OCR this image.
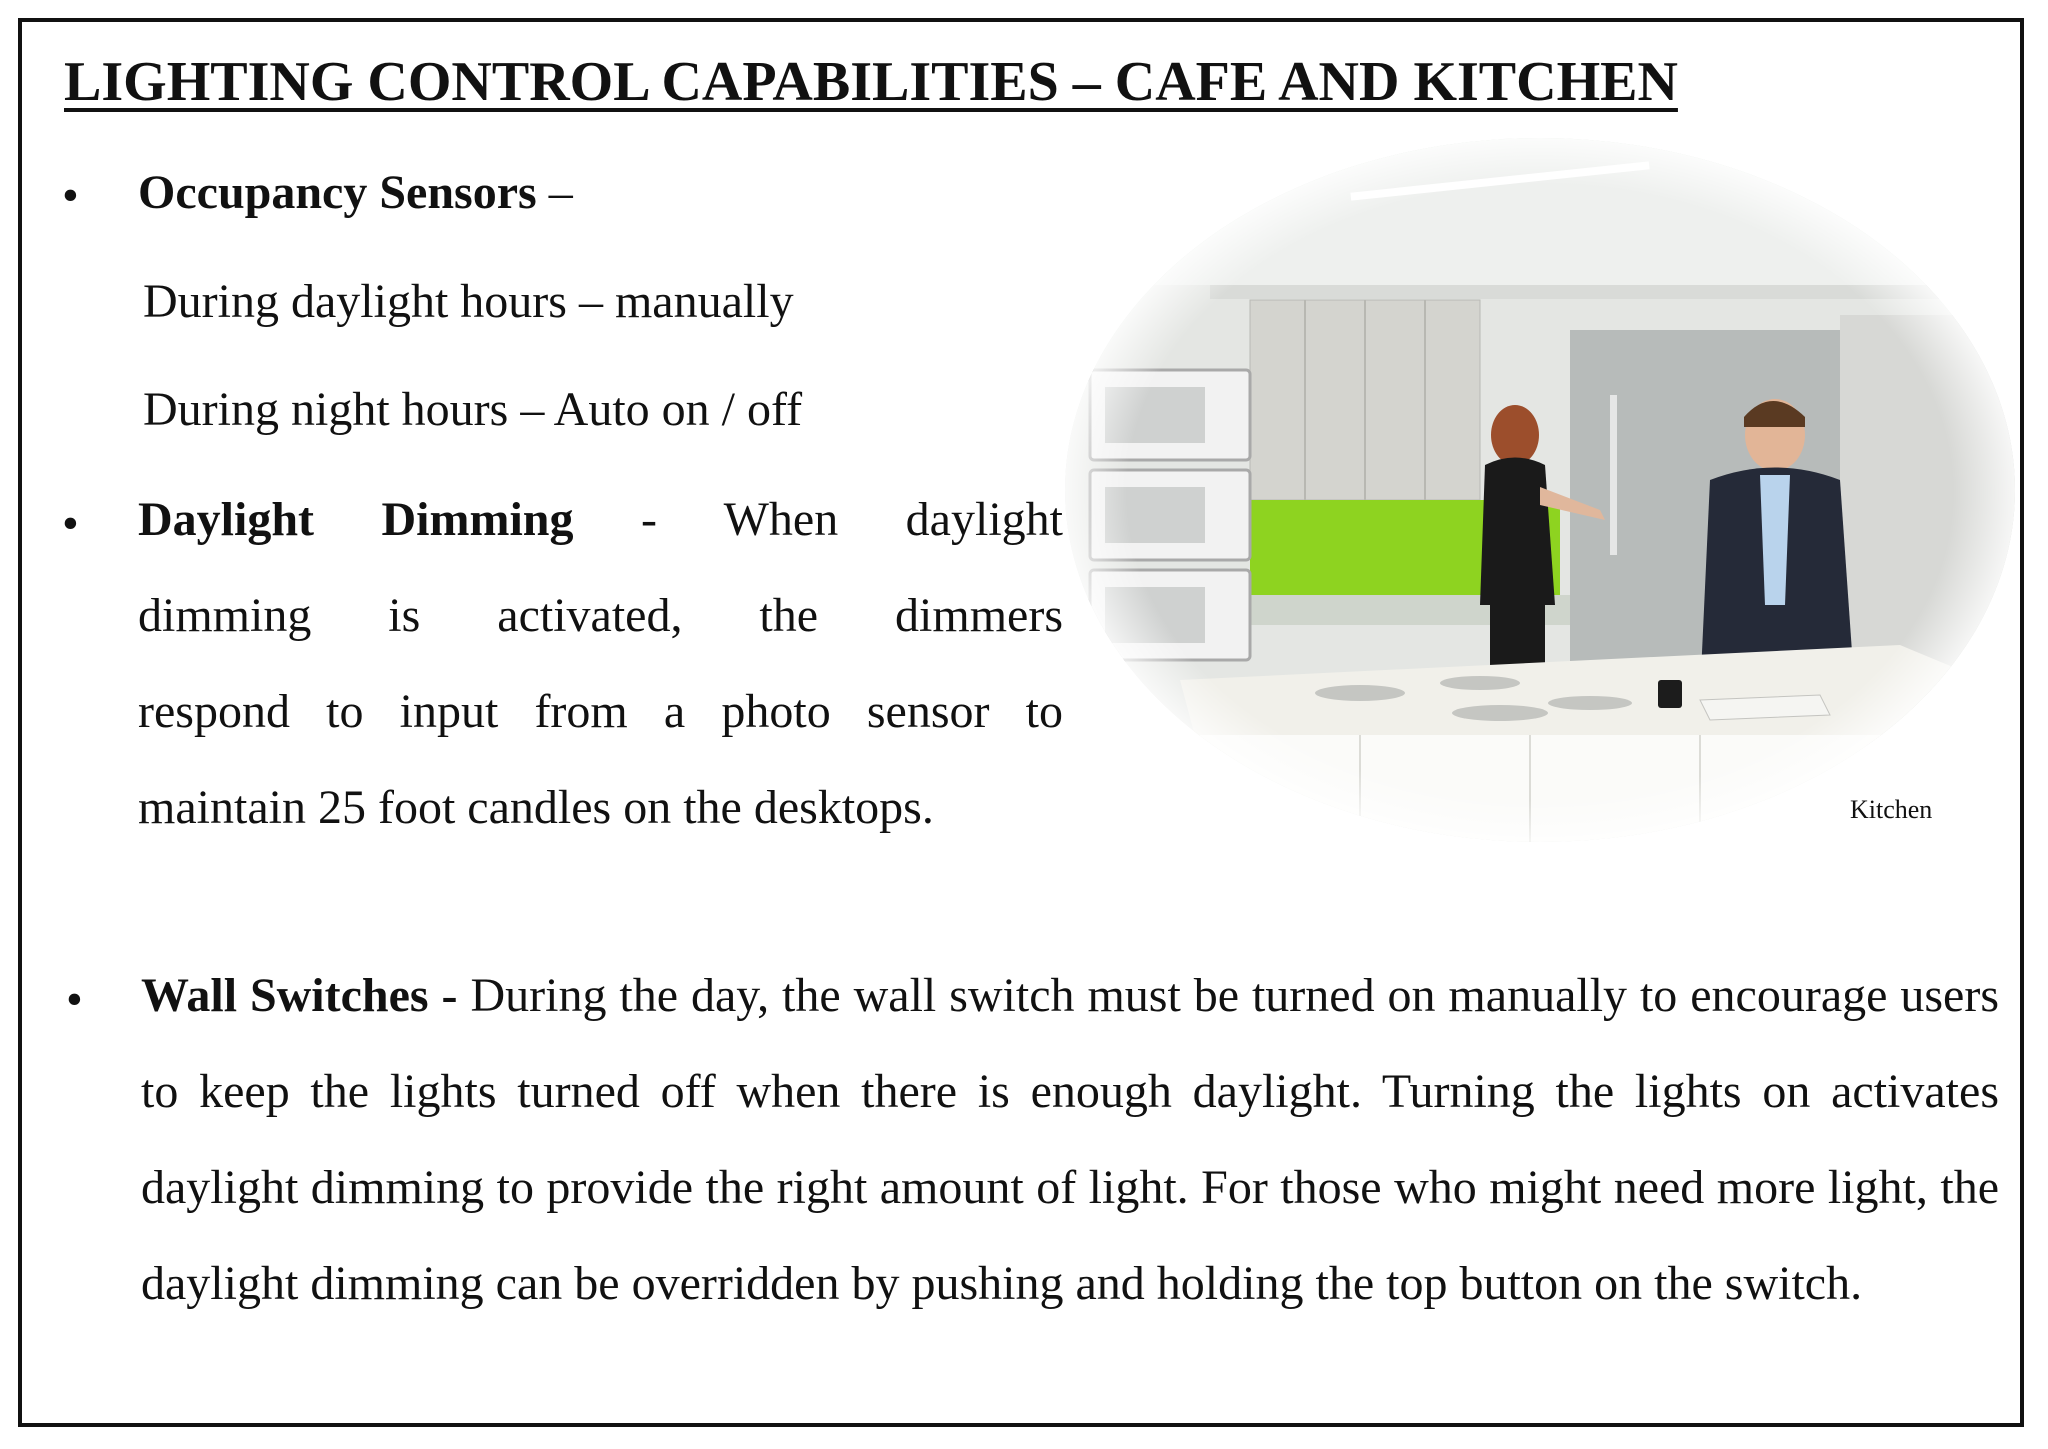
LIGHTING CONTROL CAPABILITIES – CAFE AND KITCHEN
• Occupancy Sensors –
During daylight hours – manually
During night hours – Auto on / off
• Daylight Dimming - When daylight
dimming is activated, the dimmers
respond to input from a photo sensor to
maintain 25 foot candles on the desktops.	Kitchen
• Wall Switches - During the day, the wall switch must be turned on manually to encourage users to keep the lights turned off when there is enough daylight. Turning the lights on activates daylight dimming to provide the right amount of light. For those who might need more light, the daylight dimming can be overridden by pushing and holding the top button on the switch.
